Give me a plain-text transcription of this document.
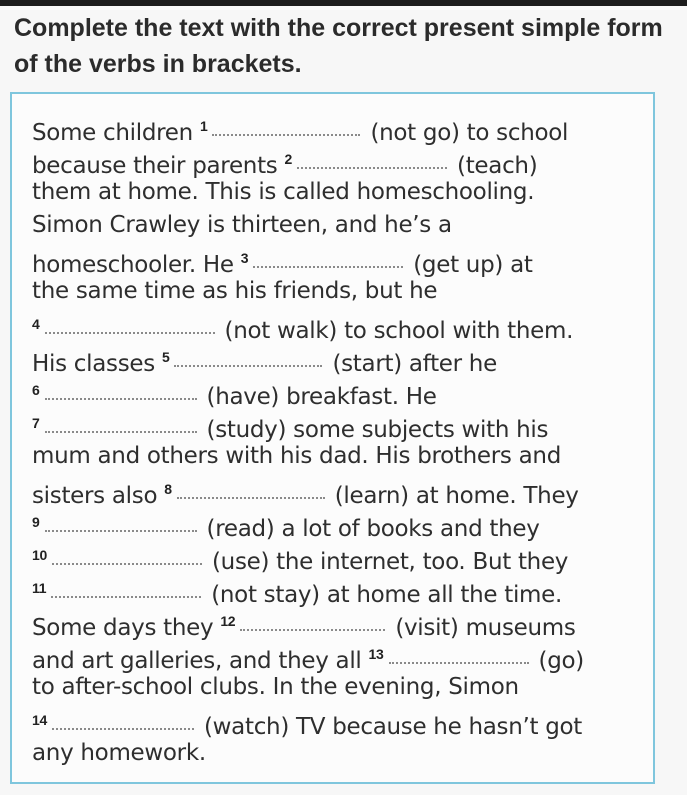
Complete the text with the correct present simple form of the verbs in brackets.
Some children $^1$	(not go) to school
because their parents $^2$	(teach)
them at home. This is called homeschooling.
Simon Crawley is thirteen, and he’s a
homeschooler. He $^3$	(get up) at
the same time as his friends, but he
$^4$	(not walk) to school with them.
His classes $^5$	(start) after he
$^6$	(have) breakfast. He
$^7$	(study) some subjects with his
mum and others with his dad. His brothers and
sisters also $^8$	(learn) at home. They
$^9$	(read) a lot of books and they
$^{10}$	(use) the internet, too. But they
$^{11}$	(not stay) at home all the time.
Some days they $^{12}$	(visit) museums
and art galleries, and they all $^{13}$	(go)
to after-school clubs. In the evening, Simon
$^{14}$	(watch) TV because he hasn’t got
any homework.
